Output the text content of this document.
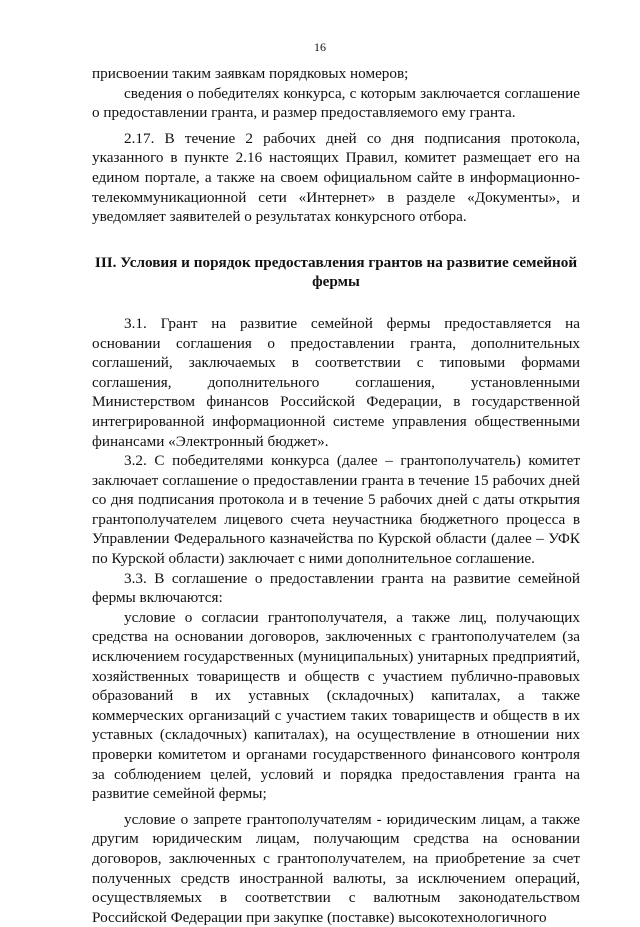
16

присвоении таким заявкам порядковых номеров;

сведения о победителях конкурса, с которым заключается соглашение о предоставлении гранта, и размер предоставляемого ему гранта.

2.17. В течение 2 рабочих дней со дня подписания протокола, указанного в пункте 2.16 настоящих Правил, комитет размещает его на едином портале, а также на своем официальном сайте в информационно-телекоммуникационной сети «Интернет» в разделе «Документы», и уведомляет заявителей о результатах конкурсного отбора.

III. Условия и порядок предоставления грантов на развитие семейной фермы

3.1. Грант на развитие семейной фермы предоставляется на основании соглашения о предоставлении гранта, дополнительных соглашений, заключаемых в соответствии с типовыми формами соглашения, дополнительного соглашения, установленными Министерством финансов Российской Федерации, в государственной интегрированной информационной системе управления общественными финансами «Электронный бюджет».

3.2. С победителями конкурса (далее – грантополучатель) комитет заключает соглашение о предоставлении гранта в течение 15 рабочих дней со дня подписания протокола и в течение 5 рабочих дней с даты открытия грантополучателем лицевого счета неучастника бюджетного процесса в Управлении Федерального казначейства по Курской области (далее – УФК по Курской области) заключает с ними дополнительное соглашение.

3.3. В соглашение о предоставлении гранта на развитие семейной фермы включаются:

условие о согласии грантополучателя, а также лиц, получающих средства на основании договоров, заключенных с грантополучателем (за исключением государственных (муниципальных) унитарных предприятий, хозяйственных товариществ и обществ с участием публично-правовых образований в их уставных (складочных) капиталах, а также коммерческих организаций с участием таких товариществ и обществ в их уставных (складочных) капиталах), на осуществление в отношении них проверки комитетом и органами государственного финансового контроля за соблюдением целей, условий и порядка предоставления гранта на развитие семейной фермы;

условие о запрете грантополучателям - юридическим лицам, а также другим юридическим лицам, получающим средства на основании договоров, заключенных с грантополучателем, на приобретение за счет полученных средств иностранной валюты, за исключением операций, осуществляемых в соответствии с валютным законодательством Российской Федерации при закупке (поставке) высокотехнологичного
